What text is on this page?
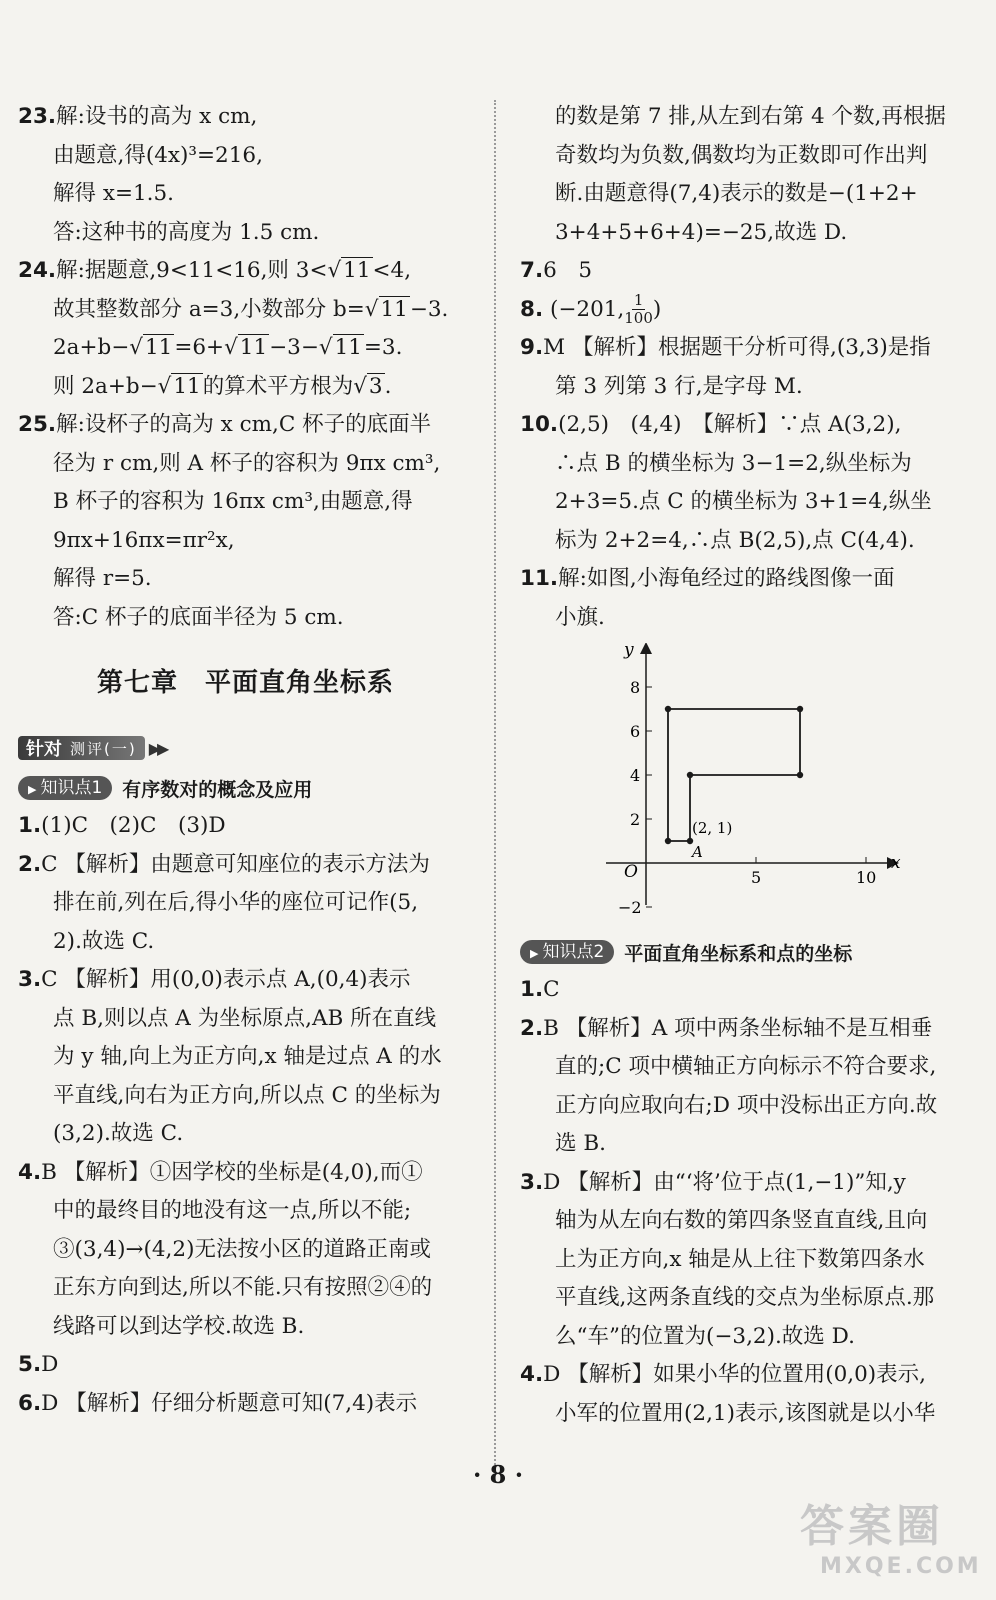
23.解:设书的高为 x cm,
由题意,得(4x)³=216,
解得 x=1.5.
答:这种书的高度为 1.5 cm.
24.解:据题意,9<11<16,则 3<√11<4,
故其整数部分 a=3,小数部分 b=√11−3.
2a+b−√11=6+√11−3−√11=3.
则 2a+b−√11的算术平方根为√3.
25.解:设杯子的高为 x cm,C 杯子的底面半
径为 r cm,则 A 杯子的容积为 9πx cm³,
B 杯子的容积为 16πx cm³,由题意,得
9πx+16πx=πr²x,
解得 r=5.
答:C 杯子的底面半径为 5 cm.
第七章　平面直角坐标系
针对 测评(一) ▶▶
▶ 知识点1	有序数对的概念及应用
1.(1)C　(2)C　(3)D
2.C 【解析】由题意可知座位的表示方法为
排在前,列在后,得小华的座位可记作(5,
2).故选 C.
3.C 【解析】用(0,0)表示点 A,(0,4)表示
点 B,则以点 A 为坐标原点,AB 所在直线
为 y 轴,向上为正方向,x 轴是过点 A 的水
平直线,向右为正方向,所以点 C 的坐标为
(3,2).故选 C.
4.B 【解析】①因学校的坐标是(4,0),而①
中的最终目的地没有这一点,所以不能;
③(3,4)→(4,2)无法按小区的道路正南或
正东方向到达,所以不能.只有按照②④的
线路可以到达学校.故选 B.
5.D
6.D 【解析】仔细分析题意可知(7,4)表示
的数是第 7 排,从左到右第 4 个数,再根据
奇数均为负数,偶数均为正数即可作出判
断.由题意得(7,4)表示的数是−(1+2+
3+4+5+6+4)=−25,故选 D.
7.6　5
8. (−201, $\frac{1}{100}$ )
9.M 【解析】根据题干分析可得,(3,3)是指
第 3 列第 3 行,是字母 M.
10.(2,5)　(4,4)　【解析】∵点 A(3,2),
∴点 B 的横坐标为 3−1=2,纵坐标为
2+3=5.点 C 的横坐标为 3+1=4,纵坐
标为 2+2=4,∴点 B(2,5),点 C(4,4).
11.解:如图,小海龟经过的路线图像一面
小旗.
y
x
O
8
6
4
2
−2
5	10
(2, 1)
A
▶ 知识点2	平面直角坐标系和点的坐标
1.C
2.B 【解析】A 项中两条坐标轴不是互相垂
直的;C 项中横轴正方向标示不符合要求,
正方向应取向右;D 项中没标出正方向.故
选 B.
3.D 【解析】由“‘将’位于点(1,−1)”知,y
轴为从左向右数的第四条竖直直线,且向
上为正方向,x 轴是从上往下数第四条水
平直线,这两条直线的交点为坐标原点.那
么“车”的位置为(−3,2).故选 D.
4.D 【解析】如果小华的位置用(0,0)表示,
小军的位置用(2,1)表示,该图就是以小华
· 8 ·
答案圈
MXQE.COM
